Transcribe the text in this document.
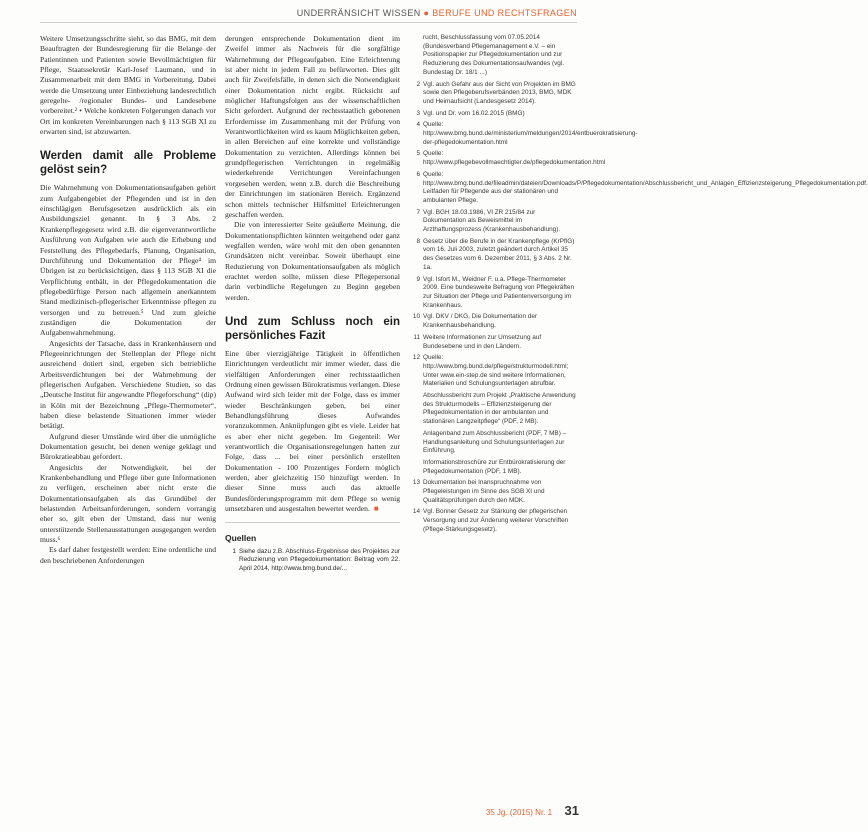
UNDERRÄNSICHT WISSEN ● BERUFE UND RECHTSFRAGEN

Weitere Umsetzungsschritte sieht, so das BMG, mit dem Beauftragten der Bundesregierung für die Belange der Patientinnen und Patienten sowie Bevollmächtigten für Pflege, Staatssekretär Karl-Josef Laumann, und in Zusammenarbeit mit dem BMG in Vorbereitung. Dabei werde die Umsetzung unter Einbeziehung landesrechtlich geregelte- /regionaler Bundes- und Landesebene vorbereitet.² • Welche konkreten Folgerungen danach vor Ort im konkreten Vereinbarungen nach § 113 SGB XI zu erwarten sind, ist abzuwarten.

Werden damit alle Probleme gelöst sein?

Die Wahrnehmung von Dokumentationsaufgaben gehört zum Aufgabengebiet der Pflegenden und ist in den einschlägigen Berufsgesetzen ausdrücklich als ein Ausbildungsziel genannt. In § 3 Abs. 2 Krankenpflegegesetz wird z.B. die eigenverantwortliche Ausführung von Aufgaben wie auch die Erhebung und Feststellung des Pflegebedarfs, Planung, Organisation, Durchführung und Dokumentation der Pflege⁴ im Übrigen ist zu berücksichtigen, dass § 113 SGB XI die Verpflichtung enthält, in der Pflegedokumentation die pflegebedürftige Person nach allgemein anerkanntem Stand medizinisch-pflegerischer Erkenntnisse pflegen zu versorgen und zu betreuen.⁵ Und zum gleiche zuständigen die Dokumentation der Aufgabenwahrnehmung.

Angesichts der Tatsache, dass in Krankenhäusern und Pflegeeinrichtungen der Stellenplan der Pflege nicht ausreichend dotiert sind, ergeben sich betriebliche Arbeitsverdichtungen bei der Wahrnehmung der pflegerischen Aufgaben. Verschiedene Studien, so das „Deutsche Institut für angewandte Pflegeforschung“ (dip) in Köln mit der Bezeichnung „Pflege-Thermometer“, haben diese belastende Situationen immer wieder betätigt.

Aufgrund dieser Umstände wird über die unmögliche Dokumentation gesucht, bei denen wenige geklagt und Bürokratieabbau gefordert.

Angesichts der Notwendigkeit, bei der Krankenbehandlung und Pflege über gute Informationen zu verfügen, erscheinen aber nicht erste die Dokumentationsaufgaben als das Grundübel der belastenden Arbeitsanforderungen, sondern vorrangig eher so, gilt eben der Umstand, dass nur wenig unterstützende Stellenausstattungen ausgegangen werden muss.⁶

Es darf daher festgestellt werden: Eine ordentliche und den beschriebenen Anforderungen

derungen entsprechende Dokumentation dient im Zweifel immer als Nachweis für die sorgfältige Wahrnehmung der Pflegeaufgaben. Eine Erleichterung ist aber nicht in jedem Fall zu befürworten. Dies gilt auch für Zweifelsfälle, in denen sich die Notwendigkeit einer Dokumentation nicht ergibt. Rücksicht auf möglicher Haftungsfolgen aus der wissenschaftlichen Sicht gefordert. Aufgrund der rechtsstaatlich gebotenen Erfordernisse im Zusammenhang mit der Prüfung von Verantwortlichkeiten wird es kaum Möglichkeiten geben, in allen Bereichen auf eine korrekte und vollständige Dokumentation zu verzichten. Allerdings können bei grundpflegerischen Verrichtungen in regelmäßig wiederkehrende Verrichtungen Vereinfachungen vorgesehen werden, wenn z.B. durch die Beschreibung der Einrichtungen im stationären Bereich. Ergänzend schon mittels technischer Hilfsmittel Erleichterungen geschaffen werden.

Die von interessierter Seite geäußerte Meinung, die Dokumentationspflichten könnten weitgehend oder ganz wegfallen werden, wäre wohl mit den oben genannten Grundsätzen nicht vereinbar. Soweit überhaupt eine Reduzierung von Dokumentationsaufgaben als möglich erachtet werden sollte, müssen diese Pflegepersonal darin verbindliche Regelungen zu Beginn gegeben werden.

Und zum Schluss noch ein persönliches Fazit

Eine über vierzigjährige Tätigkeit in öffentlichen Einrichtungen verdeutlicht mir immer wieder, dass die vielfältigen Anforderungen einer rechtsstaatlichen Ordnung einen gewissen Bürokratismus verlangen. Diese Aufwand wird sich leider mit der Folge, dass es immer wieder Beschränkungen geben, bei einer Behandlungsführung dieses Aufwandes voranzukommen. Anknüpfungen gibt es viele. Leider hat es aber eher nicht gegeben. Im Gegenteil: Wer verantwortlich die Organisationsregelungen hatten zur Folge, dass ... bei einer persönlich erstellten Dokumentation - 100 Prozentiges Fordern möglich werden, aber gleichzeitig 150 hinzufügt werden. In dieser Sinne muss auch das aktuelle Bundesförderungsprogramm mit dem Pflege so wenig umsetzbaren und ausgestalten bewertet werden. ■

Quellen
1 Siehe dazu z.B. Abschluss-Ergebnisse des Projektes zur Reduzierung von Pflegedokumentation: Beitrag vom 22. April 2014, http://www.bmg.bund.de/...
rucht, Beschlussfassung vom 07.05.2014 (Bundesverband Pflegemanagement e.V. – ein Positionspapier zur Pflegedokumentation und zur Reduzierung des Dokumentationsaufwandes (vgl. Bundestag Dr. 18/1 ...)
2 Vgl. auch Gefahr aus der Sicht von Projekten im BMG sowie den Pflegeberufsverbänden 2013, BMG, MDK und Heimaufsicht (Landesgesetz 2014).
3 Vgl. und Dr. vom 16.02.2015 (BMG)
4 Quelle: http://www.bmg.bund.de/ministerium/meldungen/2014/entbuerokratisierung-der-pflegedokumentation.html
5 Quelle: http://www.pflegebevollmaechtigter.de/pflegedokumentation.html
6 Quelle: http://www.bmg.bund.de/fileadmin/dateien/Downloads/P/Pflegedokumentation/Abschlussbericht_und_Anlagen_Effizienzsteigerung_Pflegedokumentation.pdf. Leitfaden für Pflegende aus der stationären und ambulanten Pflege.
7 Vgl. BGH 18.03.1986, VI ZR 215/84 zur Dokumentation als Beweismittel im Arzthaftungsprozess (Krankenhausbehandlung).
8 Gesetz über die Berufe in der Krankenpflege (KrPflG) vom 16. Juli 2003, zuletzt geändert durch Artikel 35 des Gesetzes vom 6. Dezember 2011, § 3 Abs. 2 Nr. 1a.
9 Vgl. Isfort M., Weidner F. u.a. Pflege-Thermometer 2009. Eine bundesweite Befragung von Pflegekräften zur Situation der Pflege und Patientenversorgung im Krankenhaus.
10 Vgl. DKV / DKG, Die Dokumentation der Krankenhausbehandlung.
11 Weitere Informationen zur Umsetzung auf Bundesebene und in den Ländern.
12 Quelle: http://www.bmg.bund.de/pflege/strukturmodell.html; Unter www.ein-step.de sind weitere Informationen, Materialien und Schulungsunterlagen abrufbar.
Abschlussbericht zum Projekt „Praktische Anwendung des Strukturmodells – Effizienzsteigerung der Pflegedokumentation in der ambulanten und stationären Langzeitpflege“ (PDF, 2 MB).
Anlagenband zum Abschlussbericht (PDF, 7 MB) – Handlungsanleitung und Schulungsunterlagen zur Einführung.
Informationsbroschüre zur Entbürokratisierung der Pflegedokumentation (PDF, 1 MB).
13 Dokumentation bei Inanspruchnahme von Pflegeleistungen im Sinne des SGB XI und Qualitätsprüfungen durch den MDK.
14 Vgl. Bonner Gesetz zur Stärkung der pflegerischen Versorgung und zur Änderung weiterer Vorschriften (Pflege-Stärkungsgesetz).
35 Jg. (2015) Nr. 1 31
